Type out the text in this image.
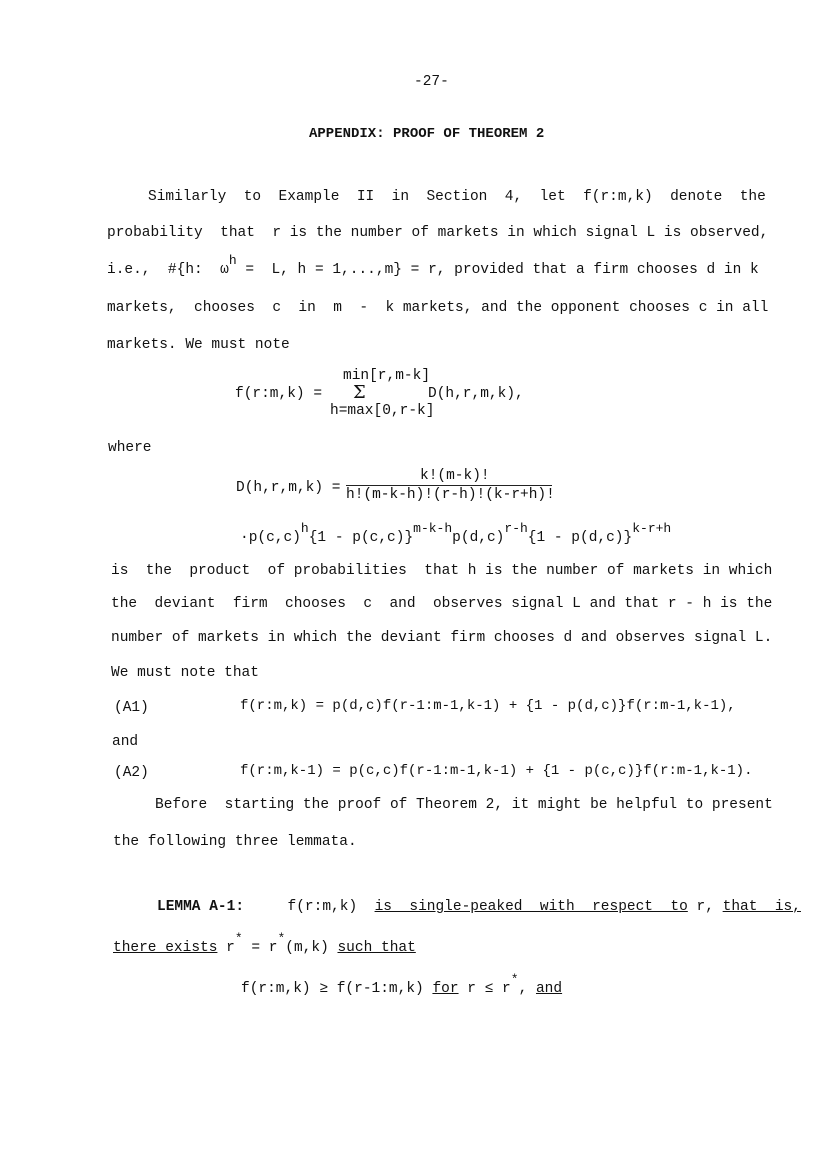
-27-
APPENDIX: PROOF OF THEOREM 2
Similarly  to  Example  II  in  Section  4,  let  f(r:m,k)  denote  the
probability  that  r is the number of markets in which signal L is observed,
i.e.,  #{h:  ωh =  L, h = 1,...,m} = r, provided that a firm chooses d in k
markets,  chooses  c  in  m  -  k markets, and the opponent chooses c in all
markets. We must note
min[r,m-k]
f(r:m,k) = Σ	D(h,r,m,k),
h=max[0,r-k]
where
D(h,r,m,k) =
k!(m-k)!
h!(m-k-h)!(r-h)!(k-r+h)!
·p(c,c)h{1 - p(c,c)}m-k-hp(d,c)r-h{1 - p(d,c)}k-r+h
is  the  product  of probabilities  that h is the number of markets in which
the  deviant  firm  chooses  c  and  observes signal L and that r - h is the
number of markets in which the deviant firm chooses d and observes signal L.
We must note that
(A1)	f(r:m,k) = p(d,c)f(r-1:m-1,k-1) + {1 - p(d,c)}f(r:m-1,k-1),
and
(A2)	f(r:m,k-1) = p(c,c)f(r-1:m-1,k-1) + {1 - p(c,c)}f(r:m-1,k-1).
Before  starting the proof of Theorem 2, it might be helpful to present
the following three lemmata.
LEMMA A-1:	f(r:m,k) is  single-peaked  with  respect  to r, that  is,
there exists r* = r*(m,k) such that
f(r:m,k) ≥ f(r-1:m,k) for r ≤ r*, and
